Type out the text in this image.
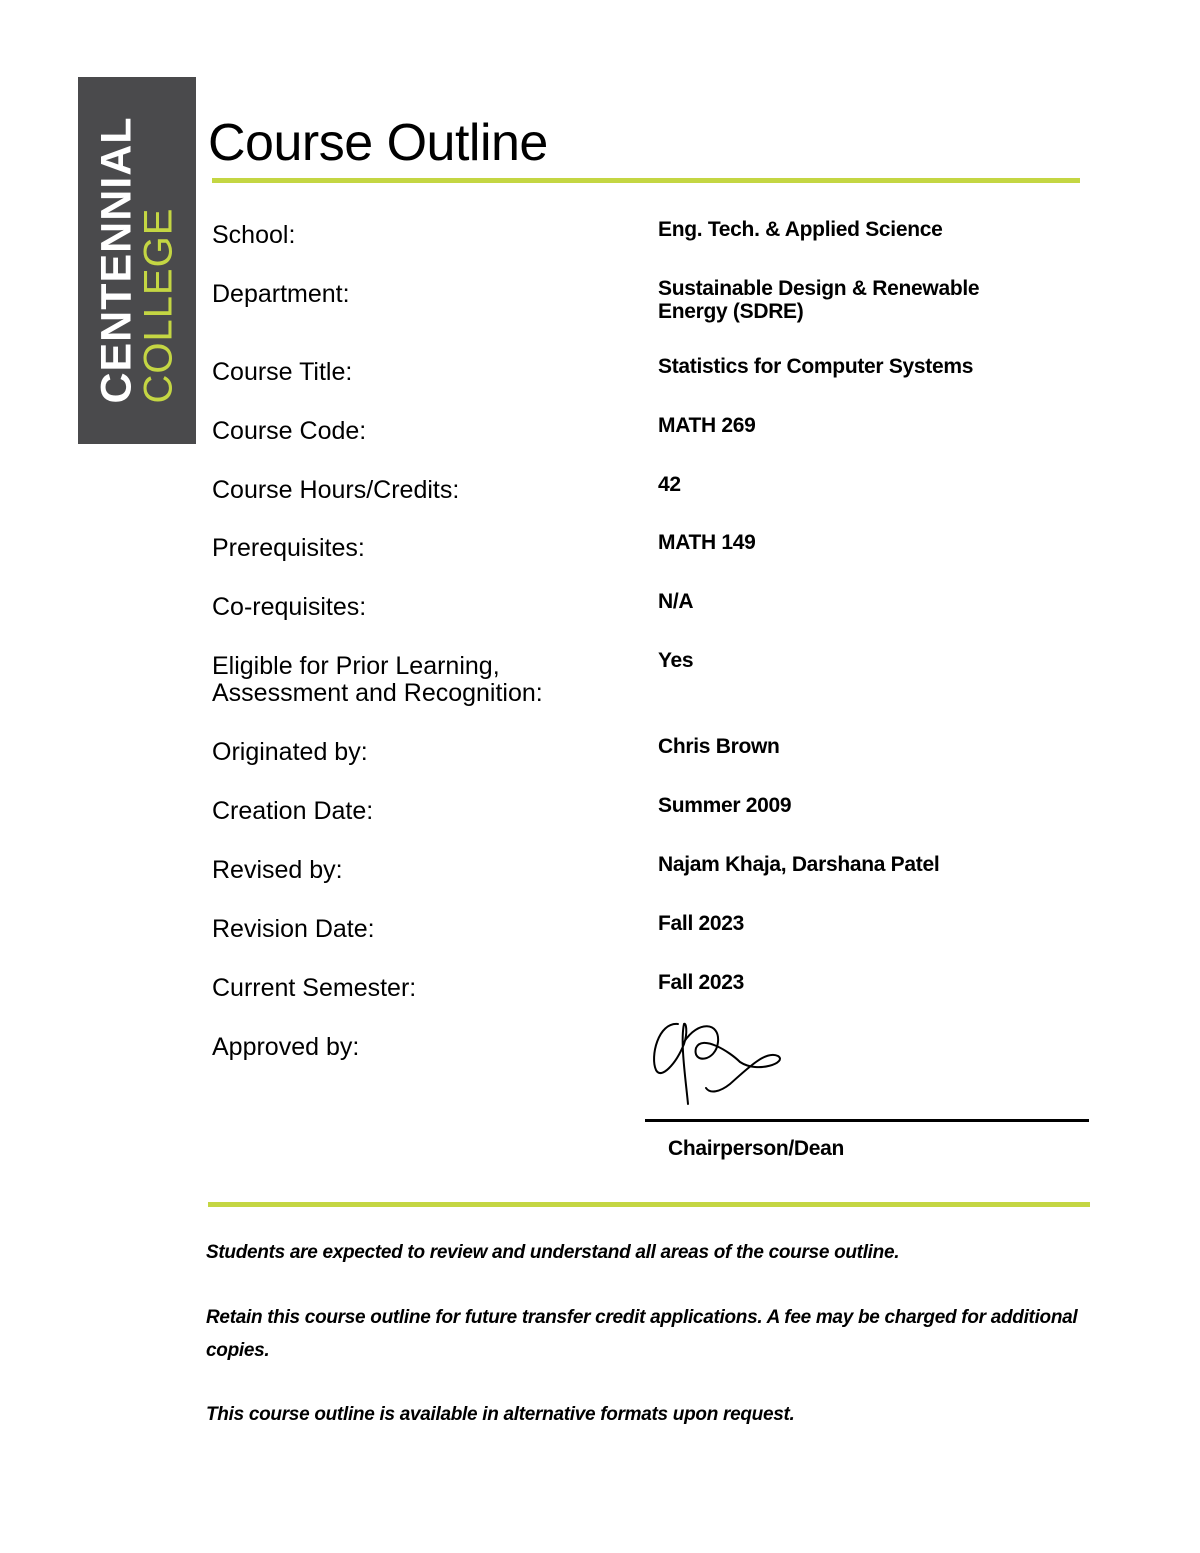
CENTENNIAL
COLLEGE
Course Outline
School:	Eng. Tech. & Applied Science
Department:	Sustainable Design & Renewable Energy (SDRE)
Course Title:	Statistics for Computer Systems
Course Code:	MATH 269
Course Hours/Credits:	42
Prerequisites:	MATH 149
Co-requisites:	N/A
Eligible for Prior Learning, Assessment and Recognition:
Yes
Originated by:	Chris Brown
Creation Date:	Summer 2009
Revised by:	Najam Khaja, Darshana Patel
Revision Date:	Fall 2023
Current Semester:	Fall 2023
Approved by:
Chairperson/Dean
Students are expected to review and understand all areas of the course outline.
Retain this course outline for future transfer credit applications. A fee may be charged for additional copies.
This course outline is available in alternative formats upon request.
